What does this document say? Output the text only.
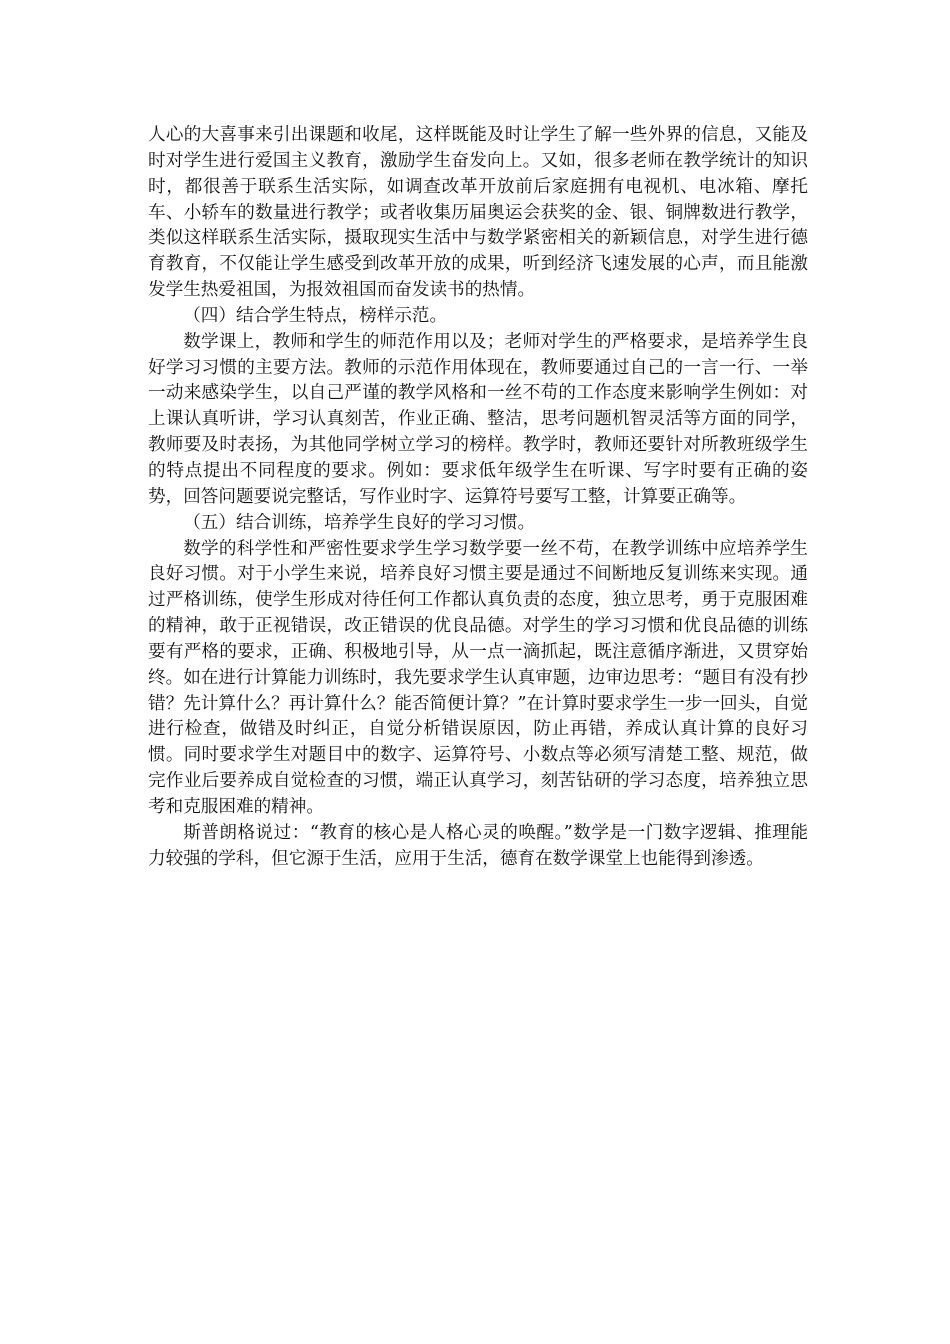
人心的大喜事来引出课题和收尾，这样既能及时让学生了解一些外界的信息，又能及时对学生进行爱国主义教育，激励学生奋发向上。又如，很多老师在教学统计的知识时，都很善于联系生活实际，如调查改革开放前后家庭拥有电视机、电冰箱、摩托车、小轿车的数量进行教学；或者收集历届奥运会获奖的金、银、铜牌数进行教学，类似这样联系生活实际，摄取现实生活中与数学紧密相关的新颖信息，对学生进行德育教育，不仅能让学生感受到改革开放的成果，听到经济飞速发展的心声，而且能激发学生热爱祖国，为报效祖国而奋发读书的热情。

（四）结合学生特点，榜样示范。

数学课上，教师和学生的师范作用以及；老师对学生的严格要求，是培养学生良好学习习惯的主要方法。教师的示范作用体现在，教师要通过自己的一言一行、一举一动来感染学生，以自己严谨的教学风格和一丝不苟的工作态度来影响学生例如：对上课认真听讲，学习认真刻苦，作业正确、整洁，思考问题机智灵活等方面的同学，教师要及时表扬，为其他同学树立学习的榜样。教学时，教师还要针对所教班级学生的特点提出不同程度的要求。例如：要求低年级学生在听课、写字时要有正确的姿势，回答问题要说完整话，写作业时字、运算符号要写工整，计算要正确等。

（五）结合训练，培养学生良好的学习习惯。

数学的科学性和严密性要求学生学习数学要一丝不苟，在教学训练中应培养学生良好习惯。对于小学生来说，培养良好习惯主要是通过不间断地反复训练来实现。通过严格训练，使学生形成对待任何工作都认真负责的态度，独立思考，勇于克服困难的精神，敢于正视错误，改正错误的优良品德。对学生的学习习惯和优良品德的训练要有严格的要求，正确、积极地引导，从一点一滴抓起，既注意循序渐进，又贯穿始终。如在进行计算能力训练时，我先要求学生认真审题，边审边思考：“题目有没有抄错？先计算什么？再计算什么？能否简便计算？”在计算时要求学生一步一回头，自觉进行检查，做错及时纠正，自觉分析错误原因，防止再错，养成认真计算的良好习惯。同时要求学生对题目中的数字、运算符号、小数点等必须写清楚工整、规范，做完作业后要养成自觉检查的习惯，端正认真学习，刻苦钻研的学习态度，培养独立思考和克服困难的精神。

斯普朗格说过：“教育的核心是人格心灵的唤醒。”数学是一门数字逻辑、推理能力较强的学科，但它源于生活，应用于生活，德育在数学课堂上也能得到渗透。
